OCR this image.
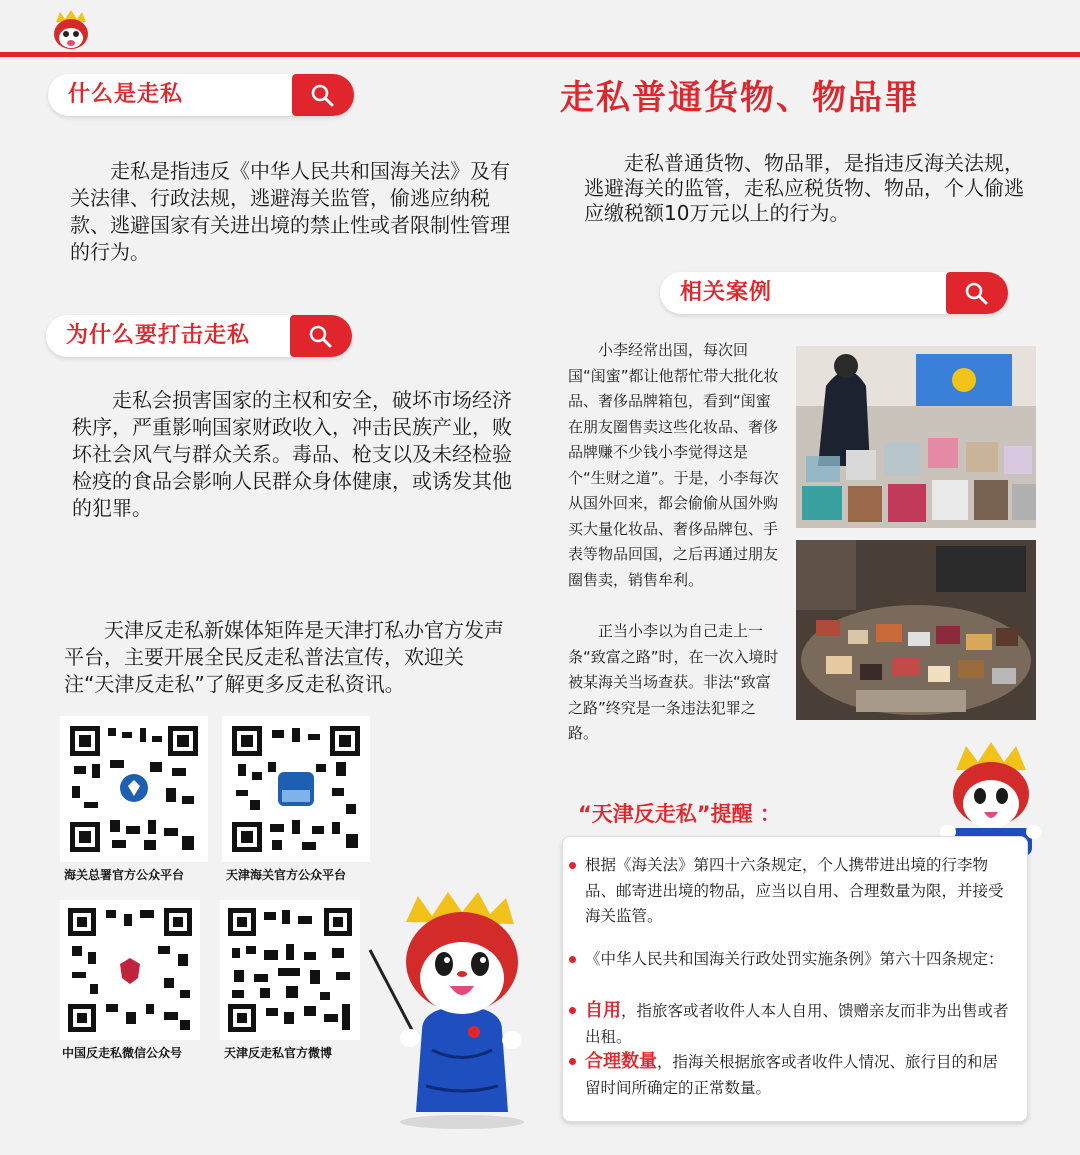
什么是走私
走私是指违反《中华人民共和国海关法》及有关法律、行政法规，逃避海关监管，偷逃应纳税款、逃避国家有关进出境的禁止性或者限制性管理的行为。
为什么要打击走私
走私会损害国家的主权和安全，破坏市场经济秩序，严重影响国家财政收入，冲击民族产业，败坏社会风气与群众关系。毒品、枪支以及未经检验检疫的食品会影响人民群众身体健康，或诱发其他的犯罪。
天津反走私新媒体矩阵是天津打私办官方发声平台，主要开展全民反走私普法宣传，欢迎关注“天津反走私”了解更多反走私资讯。
海关总署官方公众平台	天津海关官方公众平台
中国反走私微信公众号	天津反走私官方微博
走私普通货物、物品罪
走私普通货物、物品罪，是指违反海关法规，逃避海关的监管，走私应税货物、物品，个人偷逃应缴税额10万元以上的行为。
相关案例
小李经常出国，每次回国“闺蜜”都让他帮忙带大批化妆品、奢侈品牌箱包，看到“闺蜜在朋友圈售卖这些化妆品、奢侈品牌赚不少钱小李觉得这是个“生财之道”。于是，小李每次从国外回来，都会偷偷从国外购买大量化妆品、奢侈品牌包、手表等物品回国，之后再通过朋友圈售卖，销售牟利。
正当小李以为自己走上一条“致富之路”时，在一次入境时被某海关当场查获。非法“致富之路”终究是一条违法犯罪之路。
“天津反走私”提醒 ：
根据《海关法》第四十六条规定，个人携带进出境的行李物品、邮寄进出境的物品，应当以自用、合理数量为限，并接受海关监管。
《中华人民共和国海关行政处罚实施条例》第六十四条规定：
自用，指旅客或者收件人本人自用、馈赠亲友而非为出售或者出租。
合理数量，指海关根据旅客或者收件人情况、旅行目的和居留时间所确定的正常数量。
